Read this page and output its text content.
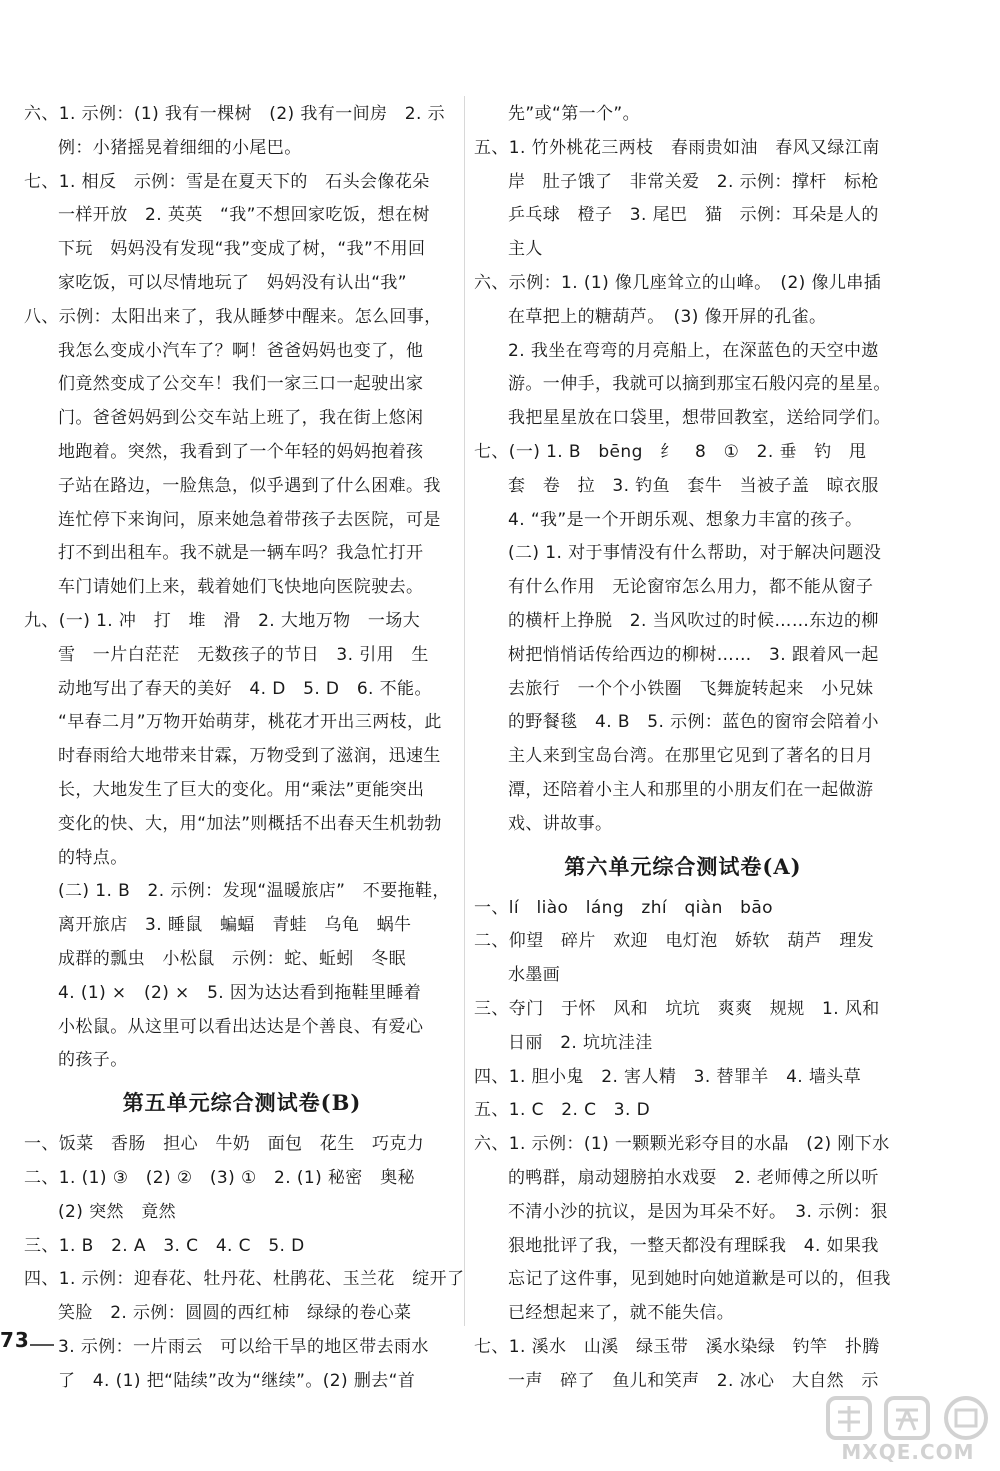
六、1. 示例：(1) 我有一棵树　(2) 我有一间房　2. 示
例：小猪摇晃着细细的小尾巴。
七、1. 相反　示例：雪是在夏天下的　石头会像花朵
一样开放　2. 英英　“我”不想回家吃饭，想在树
下玩　妈妈没有发现“我”变成了树，“我”不用回
家吃饭，可以尽情地玩了　妈妈没有认出“我”
八、示例：太阳出来了，我从睡梦中醒来。怎么回事，
我怎么变成小汽车了？啊！爸爸妈妈也变了，他
们竟然变成了公交车！我们一家三口一起驶出家
门。爸爸妈妈到公交车站上班了，我在街上悠闲
地跑着。突然，我看到了一个年轻的妈妈抱着孩
子站在路边，一脸焦急，似乎遇到了什么困难。我
连忙停下来询问，原来她急着带孩子去医院，可是
打不到出租车。我不就是一辆车吗？我急忙打开
车门请她们上来，载着她们飞快地向医院驶去。
九、(一) 1. 冲　打　堆　滑　2. 大地万物　一场大
雪　一片白茫茫　无数孩子的节日　3. 引用　生
动地写出了春天的美好　4. D　5. D　6. 不能。
“早春二月”万物开始萌芽，桃花才开出三两枝，此
时春雨给大地带来甘霖，万物受到了滋润，迅速生
长，大地发生了巨大的变化。用“乘法”更能突出
变化的快、大，用“加法”则概括不出春天生机勃勃
的特点。
(二) 1. B　2. 示例：发现“温暖旅店”　不要拖鞋，
离开旅店　3. 睡鼠　蝙蝠　青蛙　乌龟　蜗牛
成群的瓢虫　小松鼠　示例：蛇、蚯蚓　冬眠
4. (1) ×　(2) ×　5. 因为达达看到拖鞋里睡着
小松鼠。从这里可以看出达达是个善良、有爱心
的孩子。
第五单元综合测试卷(B)
一、饭菜　香肠　担心　牛奶　面包　花生　巧克力
二、1. (1) ③　(2) ②　(3) ①　2. (1) 秘密　奥秘
(2) 突然　竟然
三、1. B　2. A　3. C　4. C　5. D
四、1. 示例：迎春花、牡丹花、杜鹃花、玉兰花　绽开了
笑脸　2. 示例：圆圆的西红柿　绿绿的卷心菜
3. 示例：一片雨云　可以给干旱的地区带去雨水
了　4. (1) 把“陆续”改为“继续”。(2) 删去“首
先”或“第一个”。
五、1. 竹外桃花三两枝　春雨贵如油　春风又绿江南
岸　肚子饿了　非常关爱　2. 示例：撑杆　标枪
乒乓球　橙子　3. 尾巴　猫　示例：耳朵是人的
主人
六、示例：1. (1) 像几座耸立的山峰。　(2) 像儿串插
在草把上的糖葫芦。　(3) 像开屏的孔雀。
2. 我坐在弯弯的月亮船上，在深蓝色的天空中遨
游。一伸手，我就可以摘到那宝石般闪亮的星星。
我把星星放在口袋里，想带回教室，送给同学们。
七、(一) 1. B　bēng　纟　8　①　2. 垂　钓　甩
套　卷　拉　3. 钓鱼　套牛　当被子盖　晾衣服
4. “我”是一个开朗乐观、想象力丰富的孩子。
(二) 1. 对于事情没有什么帮助，对于解决问题没
有什么作用　无论窗帘怎么用力，都不能从窗子
的横杆上挣脱　2. 当风吹过的时候……东边的柳
树把悄悄话传给西边的柳树……　3. 跟着风一起
去旅行　一个个小铁圈　飞舞旋转起来　小兄妹
的野餐毯　4. B　5. 示例：蓝色的窗帘会陪着小
主人来到宝岛台湾。在那里它见到了著名的日月
潭，还陪着小主人和那里的小朋友们在一起做游
戏、讲故事。
第六单元综合测试卷(A)
一、lí　liào　láng　zhí　qiàn　bāo
二、仰望　碎片　欢迎　电灯泡　娇软　葫芦　理发
水墨画
三、夺门　于怀　风和　坑坑　爽爽　规规　1. 风和
日丽　2. 坑坑洼洼
四、1. 胆小鬼　2. 害人精　3. 替罪羊　4. 墙头草
五、1. C　2. C　3. D
六、1. 示例：(1) 一颗颗光彩夺目的水晶　(2) 刚下水
的鸭群，扇动翅膀拍水戏耍　2. 老师傅之所以听
不清小沙的抗议，是因为耳朵不好。　3. 示例：狠
狠地批评了我，一整天都没有理睬我　4. 如果我
忘记了这件事，见到她时向她道歉是可以的，但我
已经想起来了，就不能失信。
七、1. 溪水　山溪　绿玉带　溪水染绿　钓竿　扑腾
一声　碎了　鱼儿和笑声　2. 冰心　大自然　示
73
MXQE.COM
